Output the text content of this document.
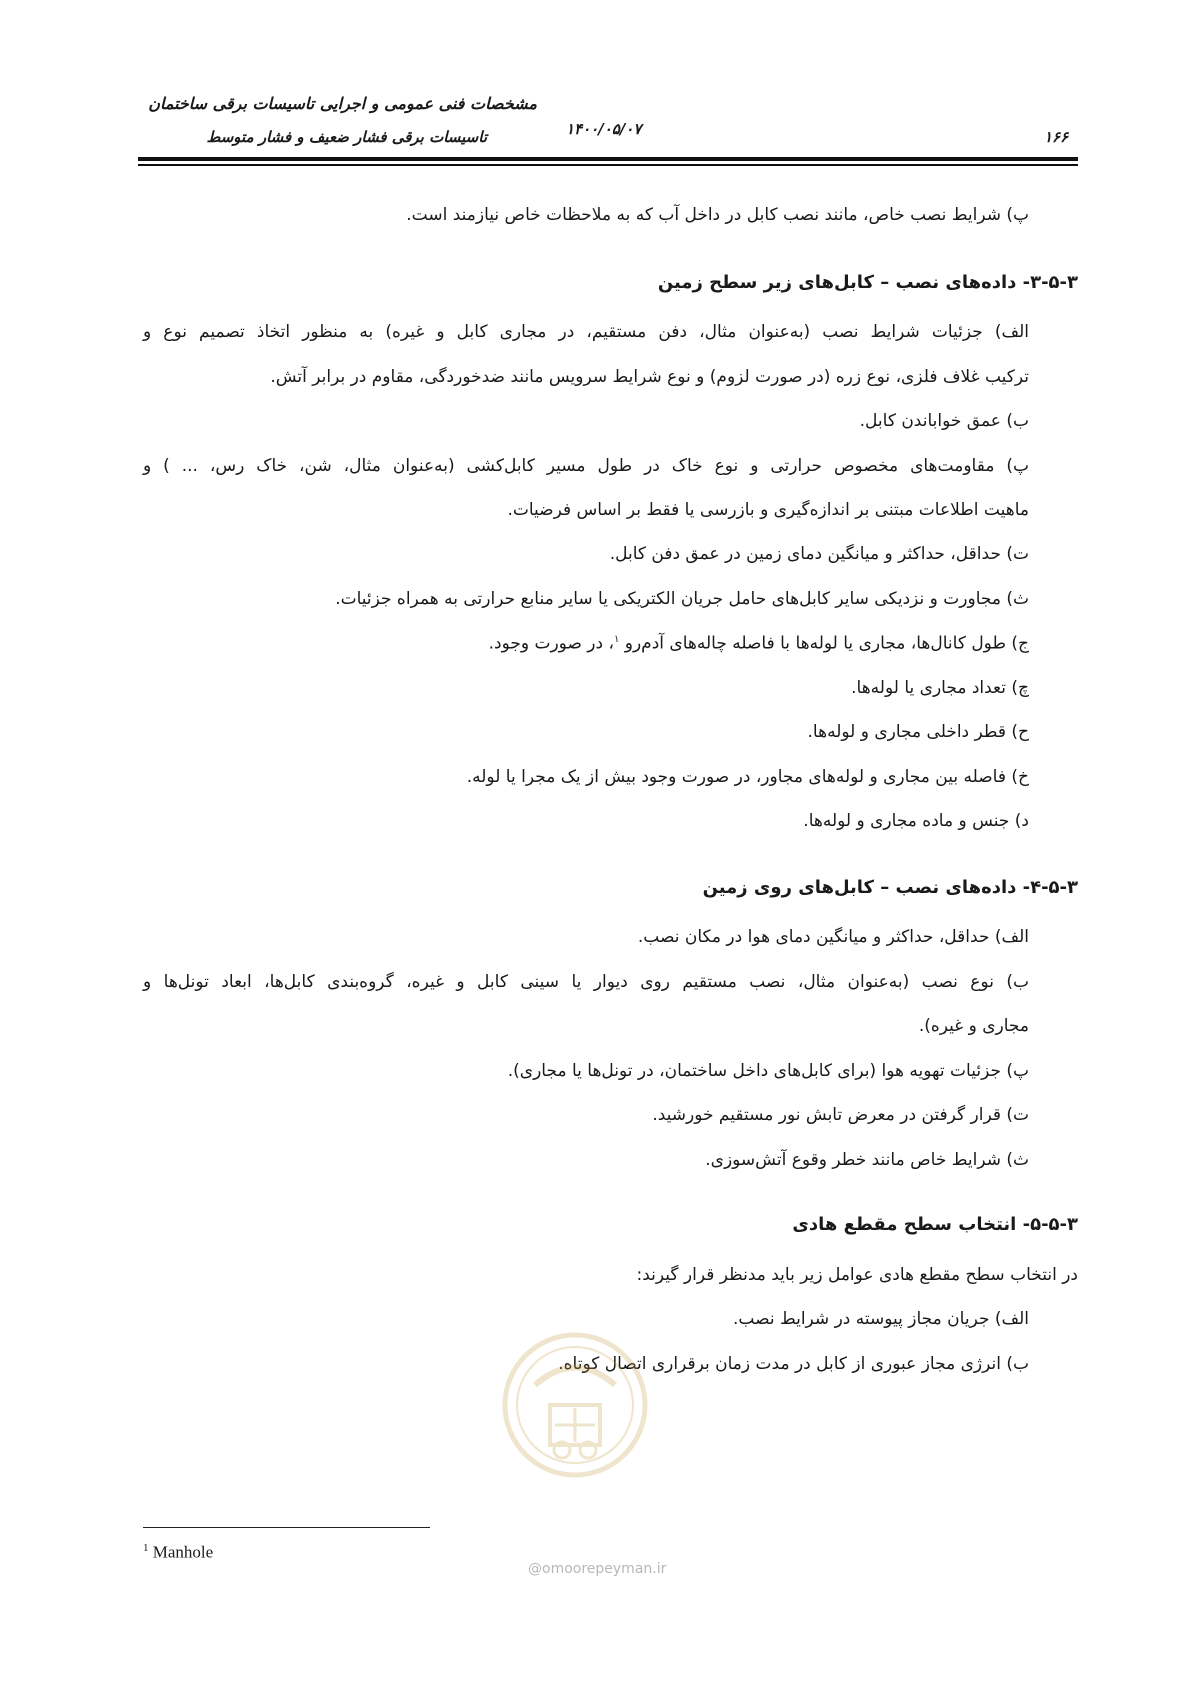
مشخصات فنی عمومی و اجرایی تاسیسات برقی ساختمان
تاسیسات برقی فشار ضعیف و فشار متوسط	۱۴۰۰/۰۵/۰۷	۱۶۶
پ) شرایط نصب خاص، مانند نصب کابل در داخل آب که به ملاحظات خاص نیازمند است.
۳-۵-۳- داده‌های نصب – کابل‌های زیر سطح زمین
الف) جزئیات شرایط نصب (به‌عنوان مثال، دفن مستقیم، در مجاری کابل و غیره) به منظور اتخاذ تصمیم نوع و
ترکیب غلاف فلزی، نوع زره (در صورت لزوم) و نوع شرایط سرویس مانند ضدخوردگی، مقاوم در برابر آتش.
ب) عمق خواباندن کابل.
پ) مقاومت‌های مخصوص حرارتی و نوع خاک در طول مسیر کابل‌کشی (به‌عنوان مثال، شن، خاک رس، ... ) و
ماهیت اطلاعات مبتنی بر اندازه‌گیری و بازرسی یا فقط بر اساس فرضیات.
ت) حداقل، حداکثر و میانگین دمای زمین در عمق دفن کابل.
ث) مجاورت و نزدیکی سایر کابل‌های حامل جریان الکتریکی یا سایر منابع حرارتی به همراه جزئیات.
ج) طول کانال‌ها، مجاری یا لوله‌ها با فاصله چاله‌های آدم‌رو $^۱$، در صورت وجود.
چ) تعداد مجاری یا لوله‌ها.
ح) قطر داخلی مجاری و لوله‌ها.
خ) فاصله بین مجاری و لوله‌های مجاور، در صورت وجود بیش از یک مجرا یا لوله.
د) جنس و ماده مجاری و لوله‌ها.
۴-۵-۳- داده‌های نصب – کابل‌های روی زمین
الف) حداقل، حداکثر و میانگین دمای هوا در مکان نصب.
ب) نوع نصب (به‌عنوان مثال، نصب مستقیم روی دیوار یا سینی کابل و غیره، گروه‌بندی کابل‌ها، ابعاد تونل‌ها و
مجاری و غیره).
پ) جزئیات تهویه هوا (برای کابل‌های داخل ساختمان، در تونل‌ها یا مجاری).
ت) قرار گرفتن در معرض تابش نور مستقیم خورشید.
ث) شرایط خاص مانند خطر وقوع آتش‌سوزی.
۵-۵-۳- انتخاب سطح مقطع هادی
در انتخاب سطح مقطع هادی عوامل زیر باید مدنظر قرار گیرند:
الف) جریان مجاز پیوسته در شرایط نصب.
ب) انرژی مجاز عبوری از کابل در مدت زمان برقراری اتصال کوتاه.
@omoorepeyman.ir
$^1$ Manhole
